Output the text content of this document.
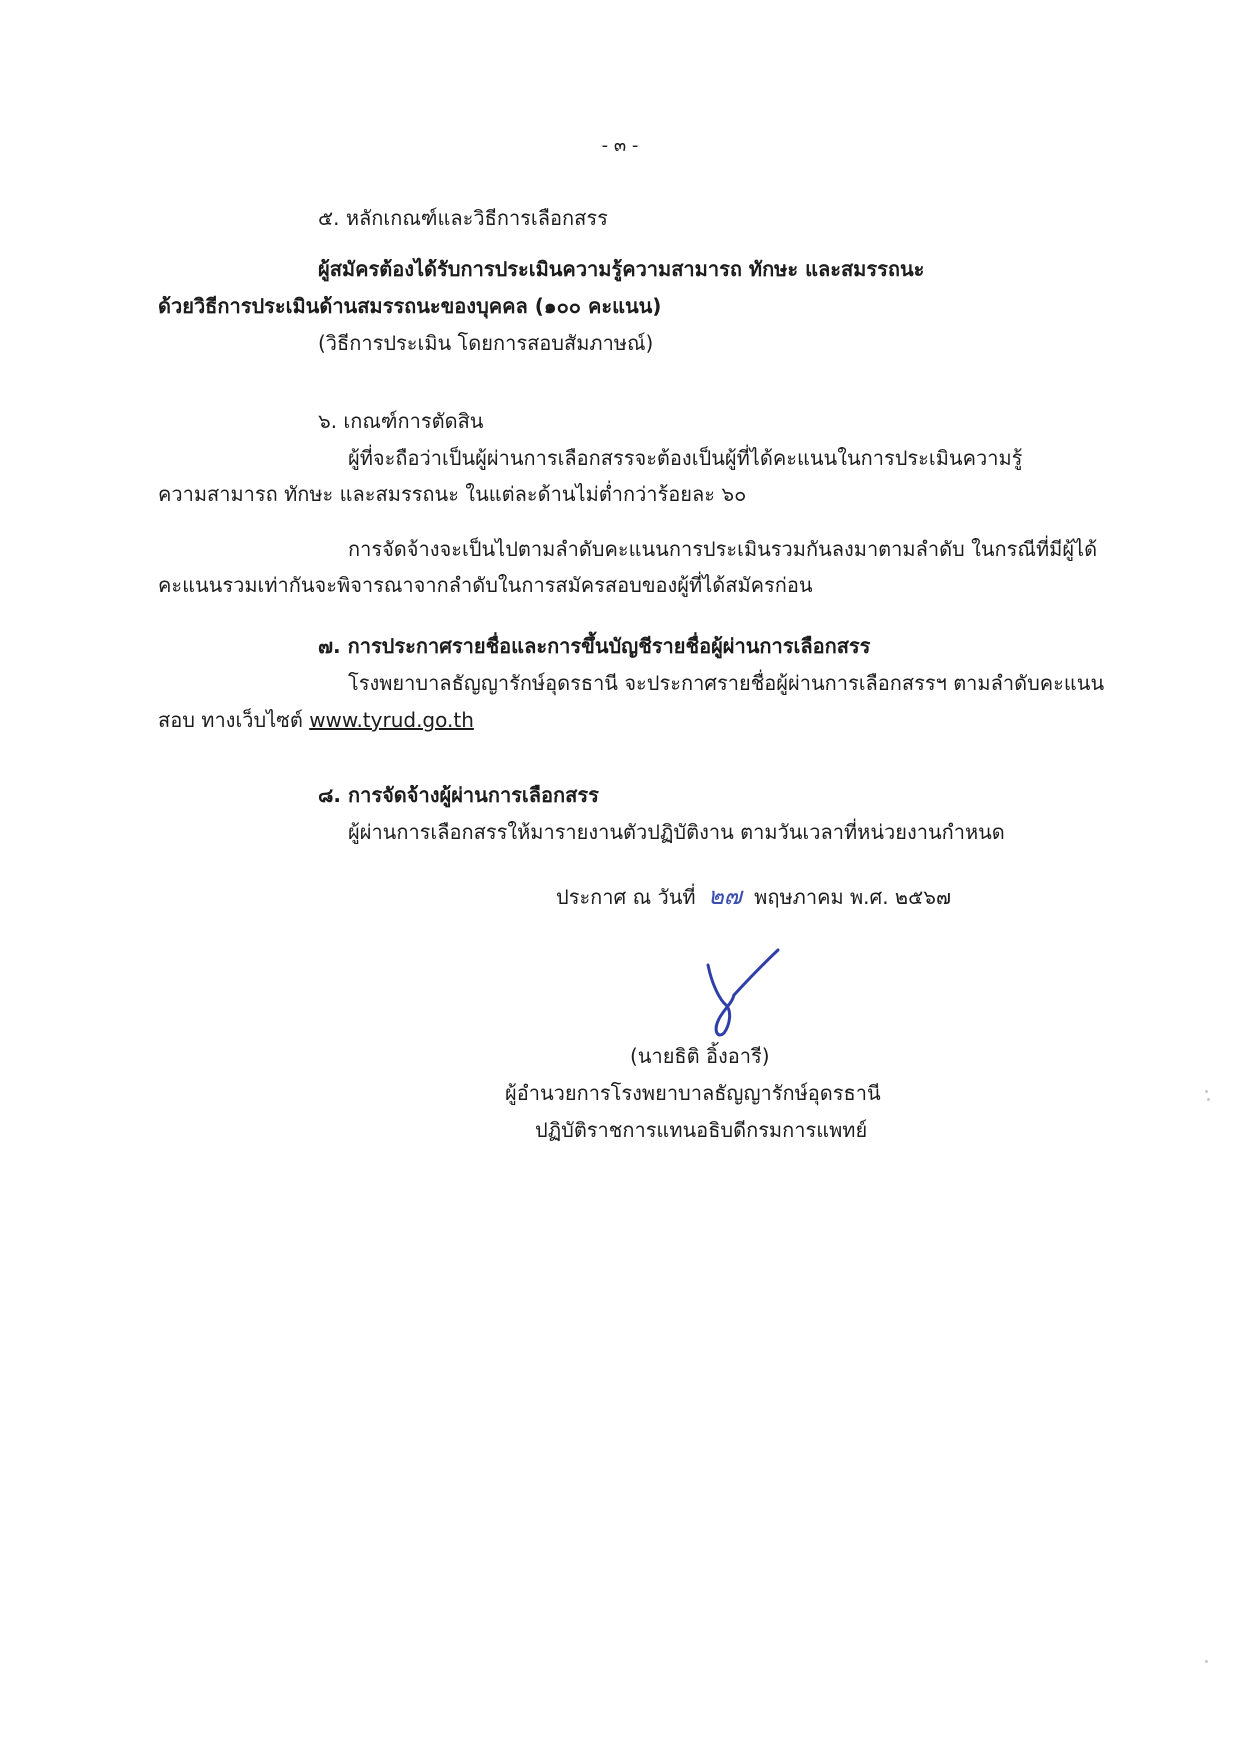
- ๓ -
๕. หลักเกณฑ์และวิธีการเลือกสรร
ผู้สมัครต้องได้รับการประเมินความรู้ความสามารถ ทักษะ และสมรรถนะ
ด้วยวิธีการประเมินด้านสมรรถนะของบุคคล (๑๐๐ คะแนน)
(วิธีการประเมิน โดยการสอบสัมภาษณ์)
๖. เกณฑ์การตัดสิน
ผู้ที่จะถือว่าเป็นผู้ผ่านการเลือกสรรจะต้องเป็นผู้ที่ได้คะแนนในการประเมินความรู้
ความสามารถ ทักษะ และสมรรถนะ ในแต่ละด้านไม่ต่ำกว่าร้อยละ ๖๐
การจัดจ้างจะเป็นไปตามลำดับคะแนนการประเมินรวมกันลงมาตามลำดับ ในกรณีที่มีผู้ได้
คะแนนรวมเท่ากันจะพิจารณาจากลำดับในการสมัครสอบของผู้ที่ได้สมัครก่อน
๗. การประกาศรายชื่อและการขึ้นบัญชีรายชื่อผู้ผ่านการเลือกสรร
โรงพยาบาลธัญญารักษ์อุดรธานี จะประกาศรายชื่อผู้ผ่านการเลือกสรรฯ ตามลำดับคะแนน
สอบ ทางเว็บไซต์ www.tyrud.go.th
๘. การจัดจ้างผู้ผ่านการเลือกสรร
ผู้ผ่านการเลือกสรรให้มารายงานตัวปฏิบัติงาน ตามวันเวลาที่หน่วยงานกำหนด
ประกาศ ณ วันที่ ๒๗ พฤษภาคม พ.ศ. ๒๕๖๗
(นายธิติ อิ้งอารี)
ผู้อำนวยการโรงพยาบาลธัญญารักษ์อุดรธานี
ปฏิบัติราชการแทนอธิบดีกรมการแพทย์
